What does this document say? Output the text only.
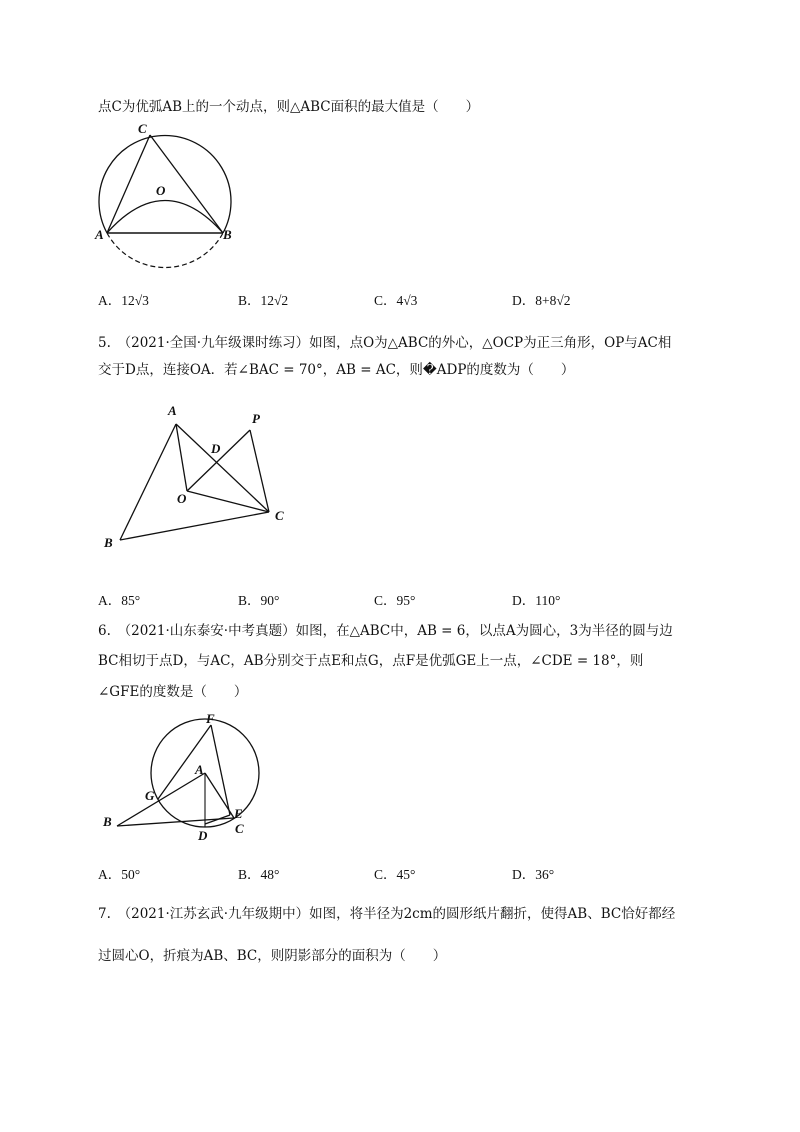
点C为优弧AB上的一个动点，则△ABC面积的最大值是（　　）
C
O
A	B
A．12√3	B．12√2	C．4√3	D．8+8√2
5.　（2021·全国·九年级课时练习）如图，点O为△ABC的外心，△OCP为正三角形，OP与AC相
交于D点，连接OA．若∠BAC = 70°，AB = AC，则�ADP的度数为（　　）
A
P
D
O
C
B
A．85°	B．90°	C．95°	D．110°
6.　（2021·山东泰安·中考真题）如图，在△ABC中，AB = 6，以点A为圆心，3为半径的圆与边
BC相切于点D，与AC，AB分别交于点E和点G，点F是优弧GE上一点，∠CDE = 18°，则
∠GFE的度数是（　　）
F
A
G
B
D
E
C
A．50°	B．48°	C．45°	D．36°
7.　（2021·江苏玄武·九年级期中）如图，将半径为2cm的圆形纸片翻折，使得AB、BC恰好都经
过圆心O，折痕为AB、BC，则阴影部分的面积为（　　）
